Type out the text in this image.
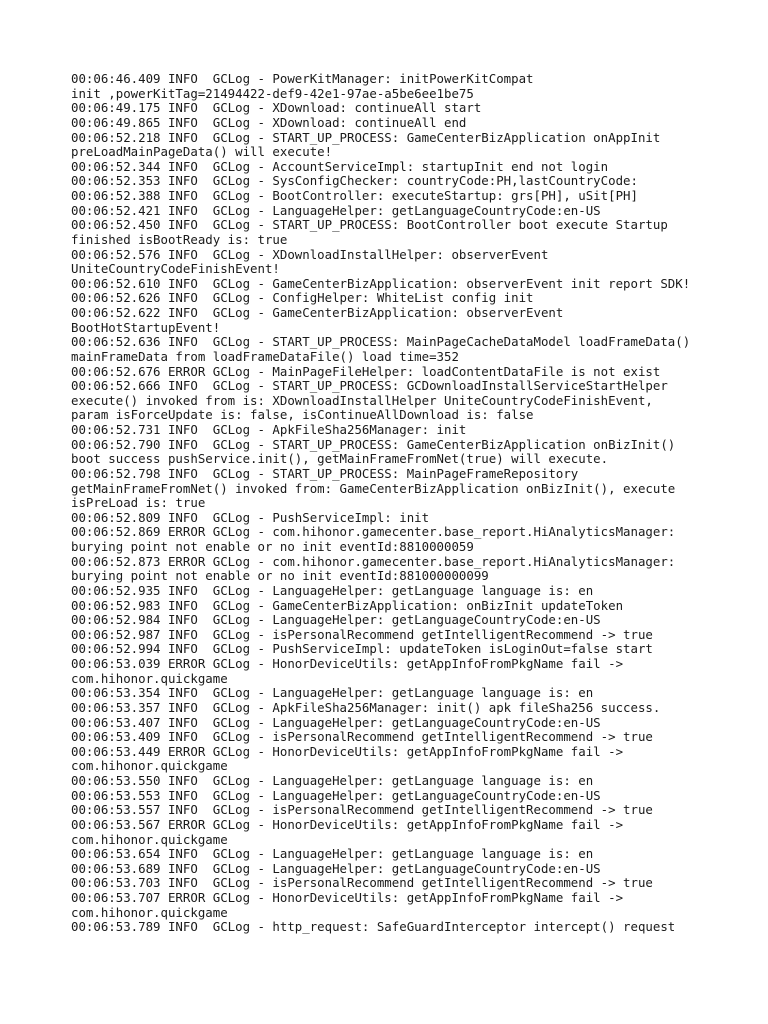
00:06:46.409 INFO  GCLog - PowerKitManager: initPowerKitCompat
init ,powerKitTag=21494422-def9-42e1-97ae-a5be6ee1be75
00:06:49.175 INFO  GCLog - XDownload: continueAll start
00:06:49.865 INFO  GCLog - XDownload: continueAll end
00:06:52.218 INFO  GCLog - START_UP_PROCESS: GameCenterBizApplication onAppInit
preLoadMainPageData() will execute!
00:06:52.344 INFO  GCLog - AccountServiceImpl: startupInit end not login
00:06:52.353 INFO  GCLog - SysConfigChecker: countryCode:PH,lastCountryCode:
00:06:52.388 INFO  GCLog - BootController: executeStartup: grs[PH], uSit[PH]
00:06:52.421 INFO  GCLog - LanguageHelper: getLanguageCountryCode:en-US
00:06:52.450 INFO  GCLog - START_UP_PROCESS: BootController boot execute Startup
finished isBootReady is: true
00:06:52.576 INFO  GCLog - XDownloadInstallHelper: observerEvent
UniteCountryCodeFinishEvent!
00:06:52.610 INFO  GCLog - GameCenterBizApplication: observerEvent init report SDK!
00:06:52.626 INFO  GCLog - ConfigHelper: WhiteList config init
00:06:52.622 INFO  GCLog - GameCenterBizApplication: observerEvent
BootHotStartupEvent!
00:06:52.636 INFO  GCLog - START_UP_PROCESS: MainPageCacheDataModel loadFrameData()
mainFrameData from loadFrameDataFile() load time=352
00:06:52.676 ERROR GCLog - MainPageFileHelper: loadContentDataFile is not exist
00:06:52.666 INFO  GCLog - START_UP_PROCESS: GCDownloadInstallServiceStartHelper
execute() invoked from is: XDownloadInstallHelper UniteCountryCodeFinishEvent,
param isForceUpdate is: false, isContinueAllDownload is: false
00:06:52.731 INFO  GCLog - ApkFileSha256Manager: init
00:06:52.790 INFO  GCLog - START_UP_PROCESS: GameCenterBizApplication onBizInit()
boot success pushService.init(), getMainFrameFromNet(true) will execute.
00:06:52.798 INFO  GCLog - START_UP_PROCESS: MainPageFrameRepository
getMainFrameFromNet() invoked from: GameCenterBizApplication onBizInit(), execute
isPreLoad is: true
00:06:52.809 INFO  GCLog - PushServiceImpl: init
00:06:52.869 ERROR GCLog - com.hihonor.gamecenter.base_report.HiAnalyticsManager:
burying point not enable or no init eventId:8810000059
00:06:52.873 ERROR GCLog - com.hihonor.gamecenter.base_report.HiAnalyticsManager:
burying point not enable or no init eventId:881000000099
00:06:52.935 INFO  GCLog - LanguageHelper: getLanguage language is: en
00:06:52.983 INFO  GCLog - GameCenterBizApplication: onBizInit updateToken
00:06:52.984 INFO  GCLog - LanguageHelper: getLanguageCountryCode:en-US
00:06:52.987 INFO  GCLog - isPersonalRecommend getIntelligentRecommend -> true
00:06:52.994 INFO  GCLog - PushServiceImpl: updateToken isLoginOut=false start
00:06:53.039 ERROR GCLog - HonorDeviceUtils: getAppInfoFromPkgName fail ->
com.hihonor.quickgame
00:06:53.354 INFO  GCLog - LanguageHelper: getLanguage language is: en
00:06:53.357 INFO  GCLog - ApkFileSha256Manager: init() apk fileSha256 success.
00:06:53.407 INFO  GCLog - LanguageHelper: getLanguageCountryCode:en-US
00:06:53.409 INFO  GCLog - isPersonalRecommend getIntelligentRecommend -> true
00:06:53.449 ERROR GCLog - HonorDeviceUtils: getAppInfoFromPkgName fail ->
com.hihonor.quickgame
00:06:53.550 INFO  GCLog - LanguageHelper: getLanguage language is: en
00:06:53.553 INFO  GCLog - LanguageHelper: getLanguageCountryCode:en-US
00:06:53.557 INFO  GCLog - isPersonalRecommend getIntelligentRecommend -> true
00:06:53.567 ERROR GCLog - HonorDeviceUtils: getAppInfoFromPkgName fail ->
com.hihonor.quickgame
00:06:53.654 INFO  GCLog - LanguageHelper: getLanguage language is: en
00:06:53.689 INFO  GCLog - LanguageHelper: getLanguageCountryCode:en-US
00:06:53.703 INFO  GCLog - isPersonalRecommend getIntelligentRecommend -> true
00:06:53.707 ERROR GCLog - HonorDeviceUtils: getAppInfoFromPkgName fail ->
com.hihonor.quickgame
00:06:53.789 INFO  GCLog - http_request: SafeGuardInterceptor intercept() request
